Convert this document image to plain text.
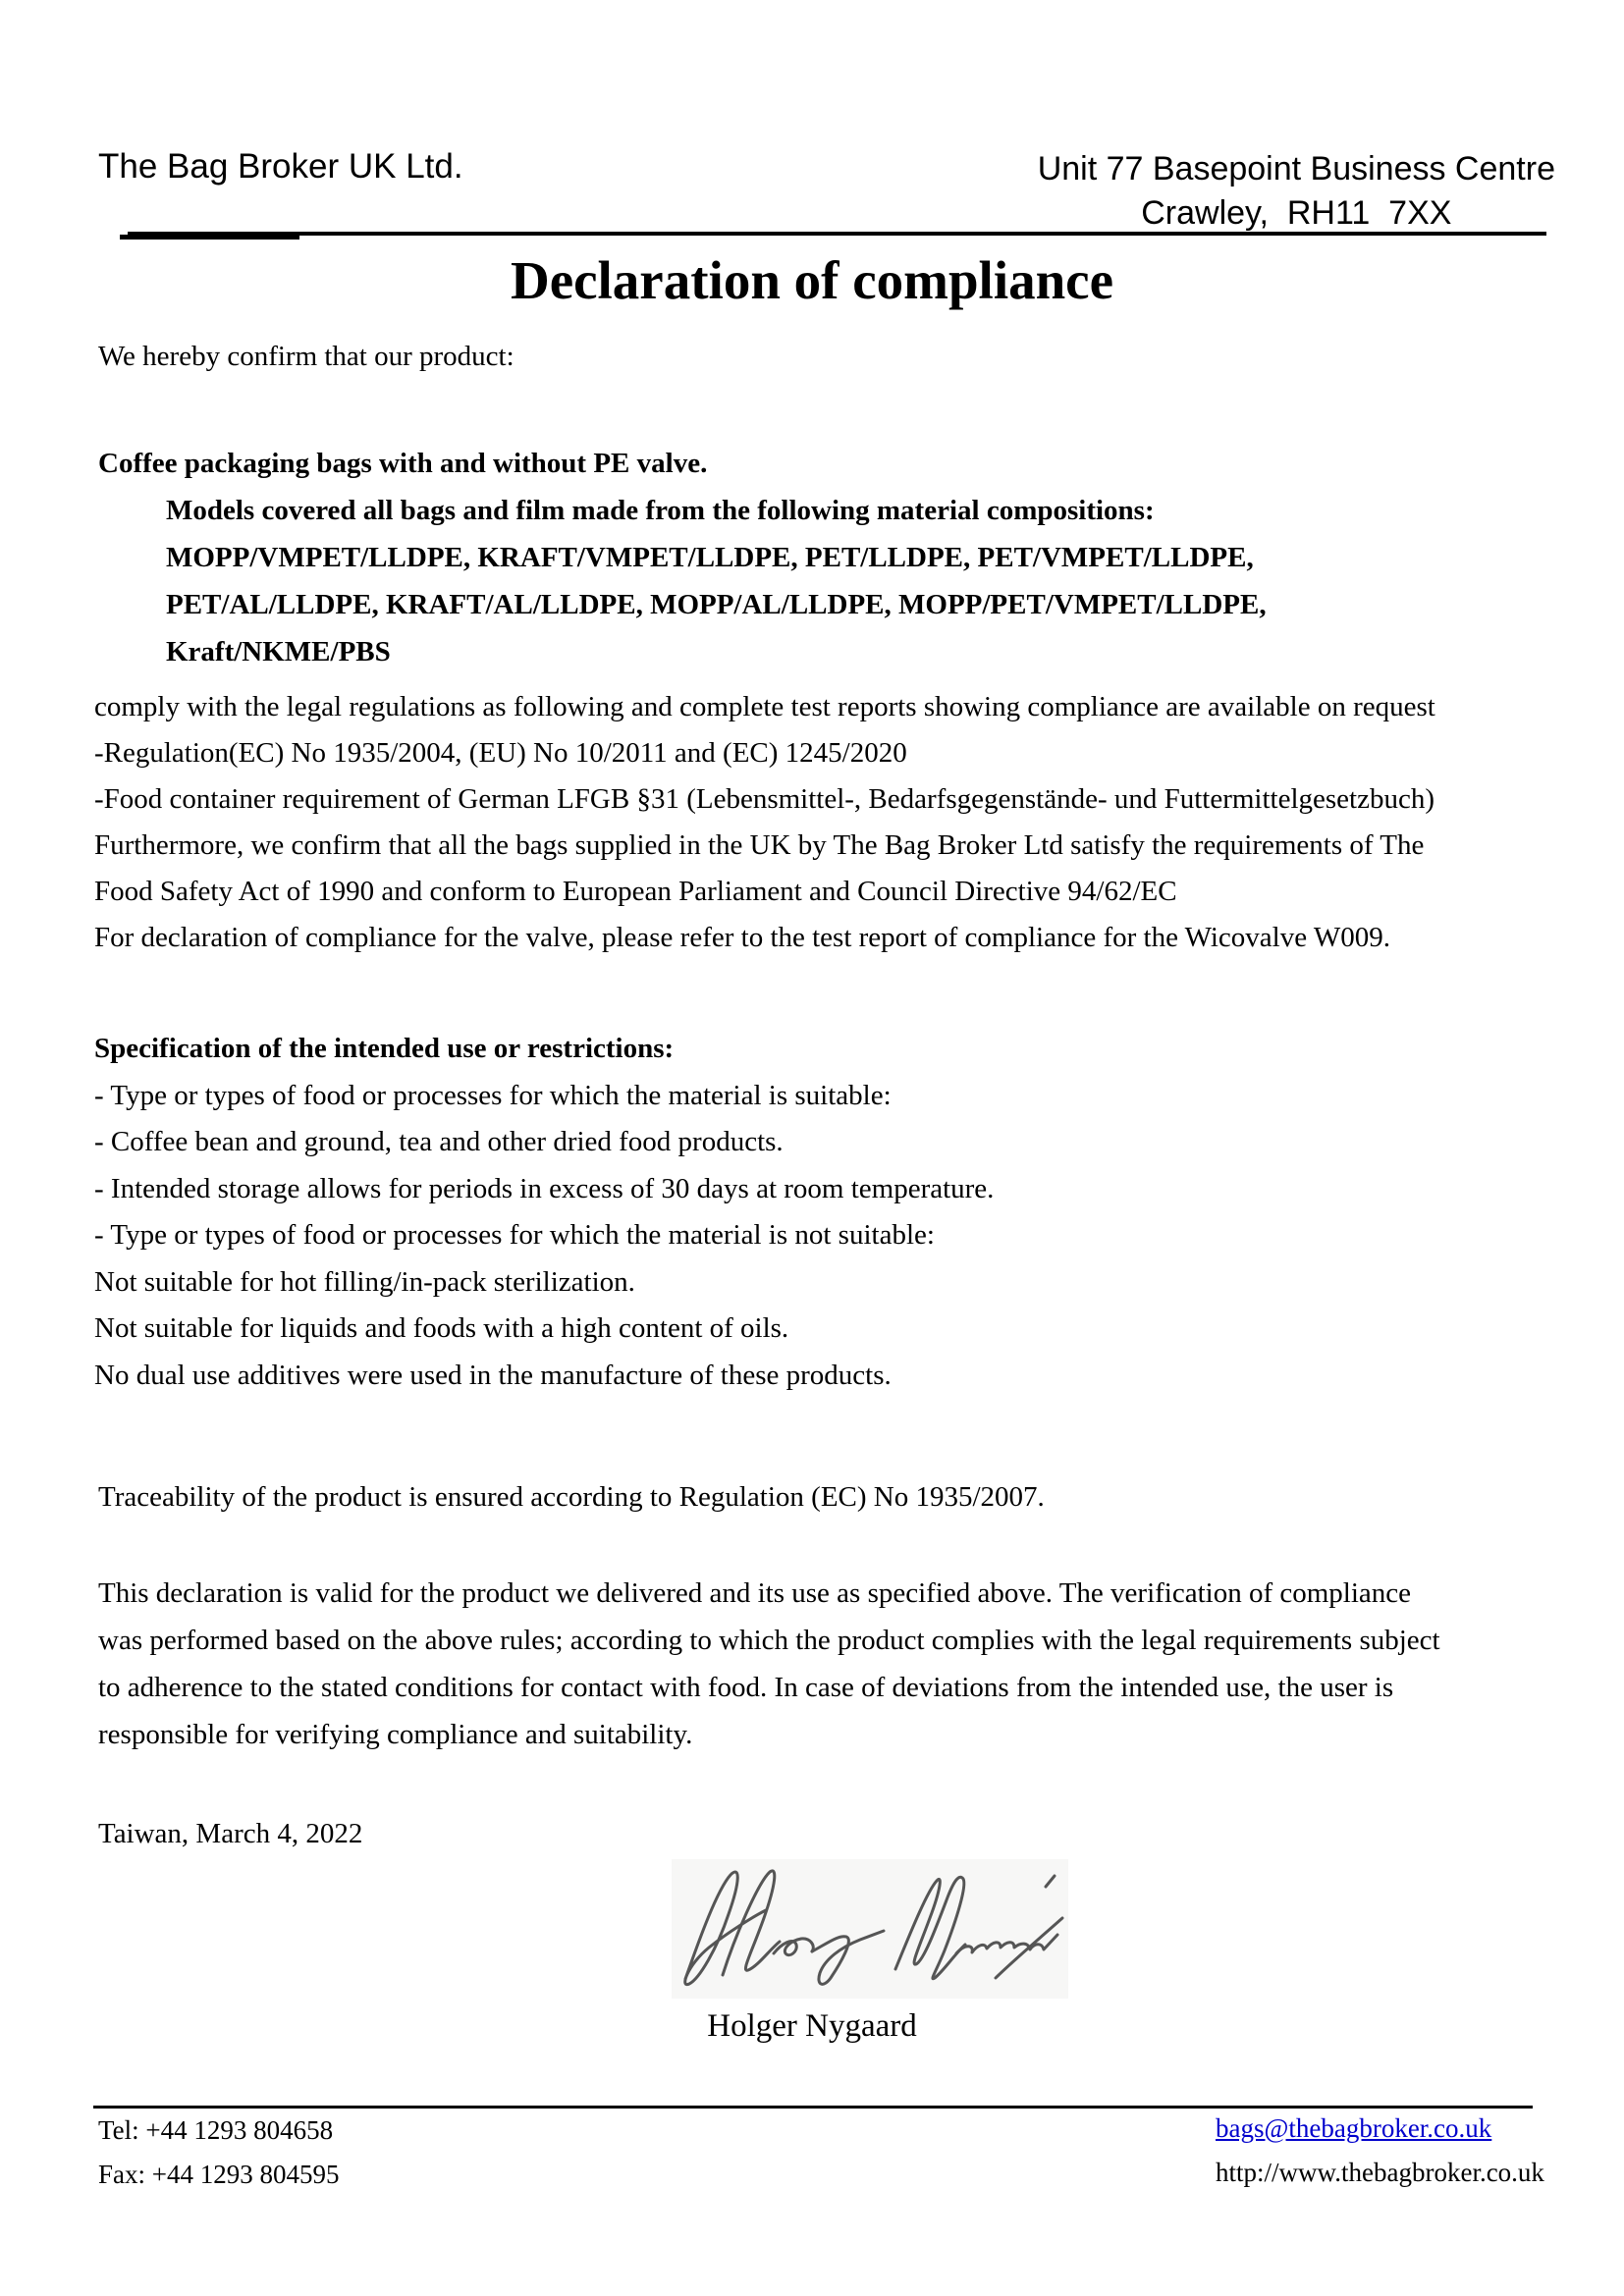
The Bag Broker UK Ltd.	Unit 77 Basepoint Business Centre
Crawley,  RH11  7XX
Declaration of compliance
We hereby confirm that our product:
Coffee packaging bags with and without PE valve.
Models covered all bags and film made from the following material compositions:
MOPP/VMPET/LLDPE, KRAFT/VMPET/LLDPE, PET/LLDPE, PET/VMPET/LLDPE,
PET/AL/LLDPE, KRAFT/AL/LLDPE, MOPP/AL/LLDPE, MOPP/PET/VMPET/LLDPE,
Kraft/NKME/PBS
comply with the legal regulations as following and complete test reports showing compliance are available on request
-Regulation(EC) No 1935/2004, (EU) No 10/2011 and (EC) 1245/2020
-Food container requirement of German LFGB §31 (Lebensmittel-, Bedarfsgegenstände- und Futtermittelgesetzbuch)
Furthermore, we confirm that all the bags supplied in the UK by The Bag Broker Ltd satisfy the requirements of The
Food Safety Act of 1990 and conform to European Parliament and Council Directive 94/62/EC
For declaration of compliance for the valve, please refer to the test report of compliance for the Wicovalve W009.
Specification of the intended use or restrictions:
- Type or types of food or processes for which the material is suitable:
- Coffee bean and ground, tea and other dried food products.
- Intended storage allows for periods in excess of 30 days at room temperature.
- Type or types of food or processes for which the material is not suitable:
Not suitable for hot filling/in-pack sterilization.
Not suitable for liquids and foods with a high content of oils.
No dual use additives were used in the manufacture of these products.
Traceability of the product is ensured according to Regulation (EC) No 1935/2007.
This declaration is valid for the product we delivered and its use as specified above. The verification of compliance
was performed based on the above rules; according to which the product complies with the legal requirements subject
to adherence to the stated conditions for contact with food. In case of deviations from the intended use, the user is
responsible for verifying compliance and suitability.
Taiwan, March 4, 2022
Holger Nygaard
Tel: +44 1293 804658
Fax: +44 1293 804595
bags@thebagbroker.co.uk
http://www.thebagbroker.co.uk
